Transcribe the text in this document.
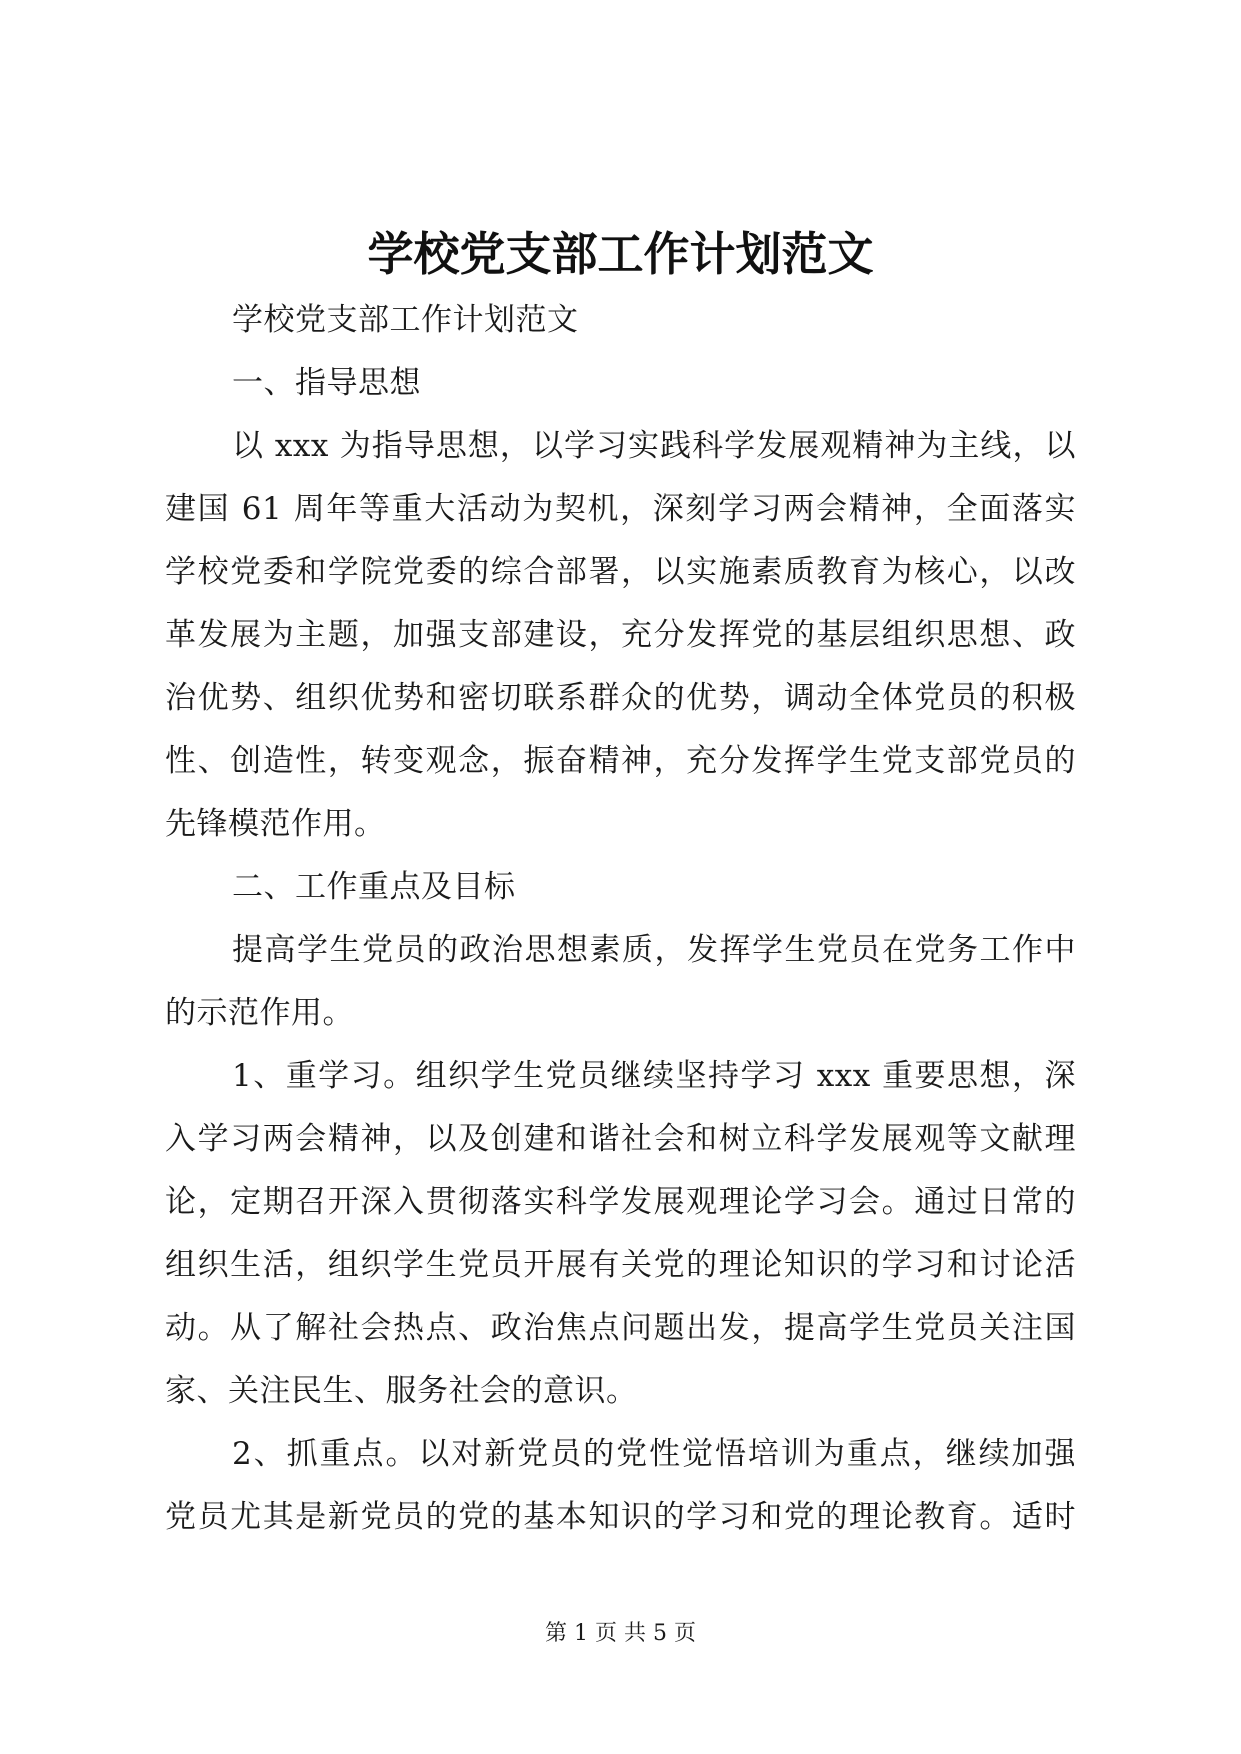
学校党支部工作计划范文
学校党支部工作计划范文
一、指导思想
以 xxx 为指导思想，以学习实践科学发展观精神为主线，以
建国 61 周年等重大活动为契机，深刻学习两会精神，全面落实
学校党委和学院党委的综合部署，以实施素质教育为核心，以改
革发展为主题，加强支部建设，充分发挥党的基层组织思想、政
治优势、组织优势和密切联系群众的优势，调动全体党员的积极
性、创造性，转变观念，振奋精神，充分发挥学生党支部党员的
先锋模范作用。
二、工作重点及目标
提高学生党员的政治思想素质，发挥学生党员在党务工作中
的示范作用。
1、重学习。组织学生党员继续坚持学习 xxx 重要思想，深
入学习两会精神，以及创建和谐社会和树立科学发展观等文献理
论，定期召开深入贯彻落实科学发展观理论学习会。通过日常的
组织生活，组织学生党员开展有关党的理论知识的学习和讨论活
动。从了解社会热点、政治焦点问题出发，提高学生党员关注国
家、关注民生、服务社会的意识。
2、抓重点。以对新党员的党性觉悟培训为重点，继续加强
党员尤其是新党员的党的基本知识的学习和党的理论教育。适时
第 1 页 共 5 页
